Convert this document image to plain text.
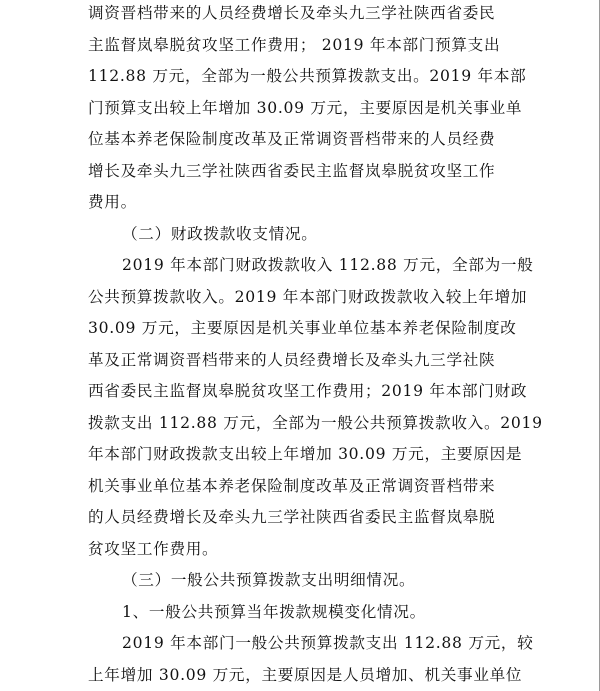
调资晋档带来的人员经费增长及牵头九三学社陕西省委民
主监督岚皋脱贫攻坚工作费用； 2019 年本部门预算支出
112.88 万元，全部为一般公共预算拨款支出。2019 年本部
门预算支出较上年增加 30.09 万元，主要原因是机关事业单
位基本养老保险制度改革及正常调资晋档带来的人员经费
增长及牵头九三学社陕西省委民主监督岚皋脱贫攻坚工作
费用。
（二）财政拨款收支情况。
2019 年本部门财政拨款收入 112.88 万元，全部为一般
公共预算拨款收入。2019 年本部门财政拨款收入较上年增加
30.09 万元，主要原因是机关事业单位基本养老保险制度改
革及正常调资晋档带来的人员经费增长及牵头九三学社陕
西省委民主监督岚皋脱贫攻坚工作费用；2019 年本部门财政
拨款支出 112.88 万元，全部为一般公共预算拨款收入。2019
年本部门财政拨款支出较上年增加 30.09 万元，主要原因是
机关事业单位基本养老保险制度改革及正常调资晋档带来
的人员经费增长及牵头九三学社陕西省委民主监督岚皋脱
贫攻坚工作费用。
（三）一般公共预算拨款支出明细情况。
1、一般公共预算当年拨款规模变化情况。
2019 年本部门一般公共预算拨款支出 112.88 万元，较
上年增加 30.09 万元，主要原因是人员增加、机关事业单位
